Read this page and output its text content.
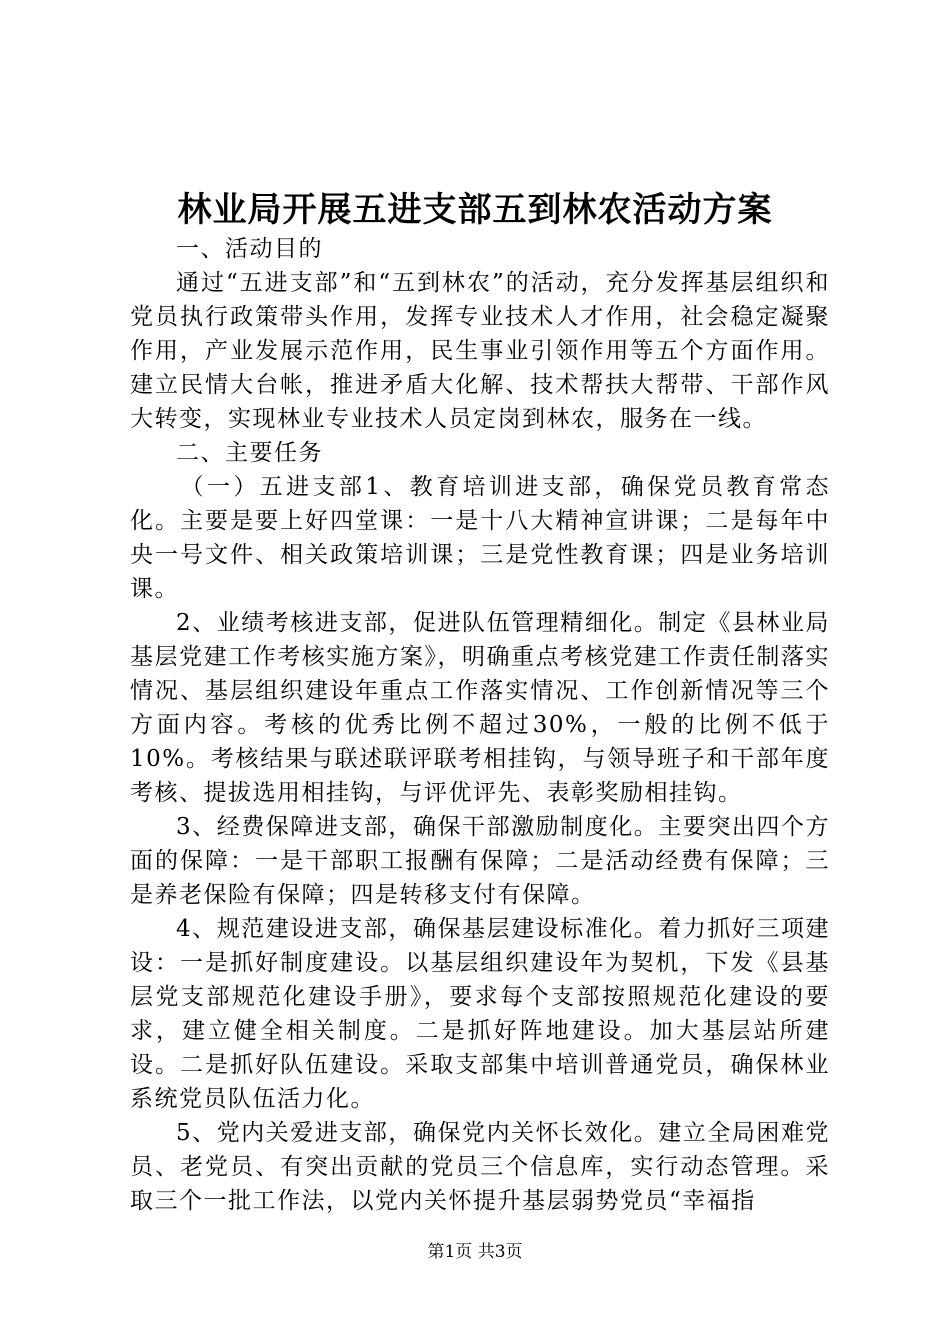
林业局开展五进支部五到林农活动方案

一、活动目的

通过“五进支部”和“五到林农”的活动，充分发挥基层组织和党员执行政策带头作用，发挥专业技术人才作用，社会稳定凝聚作用，产业发展示范作用，民生事业引领作用等五个方面作用。建立民情大台帐，推进矛盾大化解、技术帮扶大帮带、干部作风大转变，实现林业专业技术人员定岗到林农，服务在一线。

二、主要任务

（一）五进支部1、教育培训进支部，确保党员教育常态化。主要是要上好四堂课：一是十八大精神宣讲课；二是每年中央一号文件、相关政策培训课；三是党性教育课；四是业务培训课。

2、业绩考核进支部，促进队伍管理精细化。制定《县林业局基层党建工作考核实施方案》，明确重点考核党建工作责任制落实情况、基层组织建设年重点工作落实情况、工作创新情况等三个方面内容。考核的优秀比例不超过30%，一般的比例不低于10%。考核结果与联述联评联考相挂钩，与领导班子和干部年度考核、提拔选用相挂钩，与评优评先、表彰奖励相挂钩。

3、经费保障进支部，确保干部激励制度化。主要突出四个方面的保障：一是干部职工报酬有保障；二是活动经费有保障；三是养老保险有保障；四是转移支付有保障。

4、规范建设进支部，确保基层建设标准化。着力抓好三项建设：一是抓好制度建设。以基层组织建设年为契机，下发《县基层党支部规范化建设手册》，要求每个支部按照规范化建设的要求，建立健全相关制度。二是抓好阵地建设。加大基层站所建设。二是抓好队伍建设。采取支部集中培训普通党员，确保林业系统党员队伍活力化。

5、党内关爱进支部，确保党内关怀长效化。建立全局困难党员、老党员、有突出贡献的党员三个信息库，实行动态管理。采取三个一批工作法，以党内关怀提升基层弱势党员“幸福指

第1页 共3页
